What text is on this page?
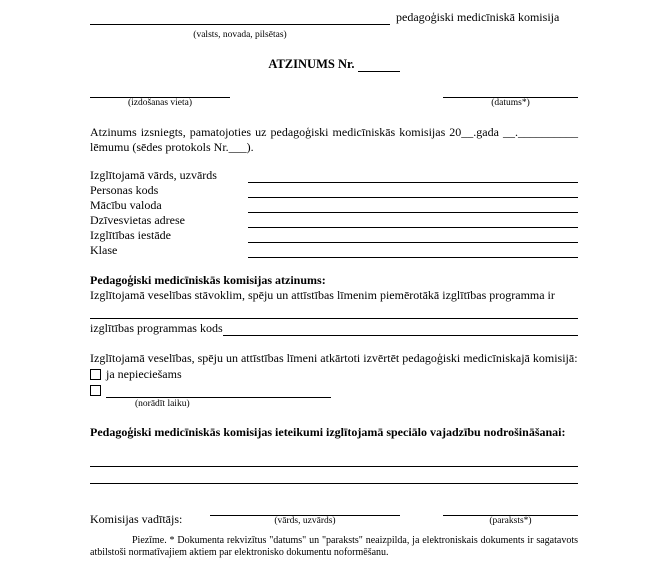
pedagoģiski medicīniskā komisija
(valsts, novada, pilsētas)
ATZINUMS Nr.
(izdošanas vieta)	(datums*)
Atzinums izsniegts, pamatojoties uz pedagoģiski medicīniskās komisijas 20__.gada __.__________ lēmumu (sēdes protokols Nr.___).
Izglītojamā vārds, uzvārds
Personas kods
Mācību valoda
Dzīvesvietas adrese
Izglītības iestāde
Klase
Pedagoģiski medicīniskās komisijas atzinums:
Izglītojamā veselības stāvoklim, spēju un attīstības līmenim piemērotākā izglītības programma ir
izglītības programmas kods
Izglītojamā veselības, spēju un attīstības līmeni atkārtoti izvērtēt pedagoģiski medicīniskajā komisijā:
ja nepieciešams
(norādīt laiku)
Pedagoģiski medicīniskās komisijas ieteikumi izglītojamā speciālo vajadzību nodrošināšanai:
Komisijas vadītājs:	(vārds, uzvārds)	(paraksts*)
Piezīme. * Dokumenta rekvizītus "datums" un "paraksts" neaizpilda, ja elektroniskais dokuments ir sagatavots atbilstoši normatīvajiem aktiem par elektronisko dokumentu noformēšanu.
